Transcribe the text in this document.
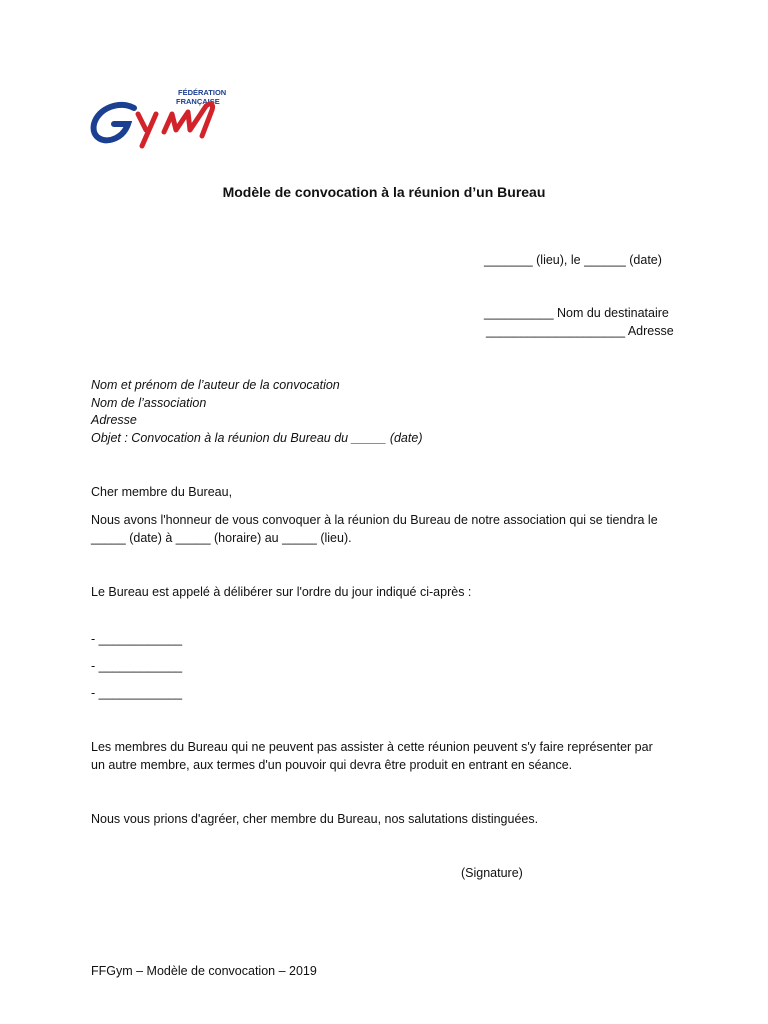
FÉDÉRATION
FRANÇAISE
Modèle de convocation à la réunion d’un Bureau
_______ (lieu), le ______ (date)
__________ Nom du destinataire
____________________ Adresse
Nom et prénom de l’auteur de la convocation
Nom de l’association
Adresse
Objet : Convocation à la réunion du Bureau du _____ (date)
Cher membre du Bureau,
Nous avons l'honneur de vous convoquer à la réunion du Bureau de notre association qui se tiendra le
_____ (date) à _____ (horaire) au _____ (lieu).
Le Bureau est appelé à délibérer sur l'ordre du jour indiqué ci-après :
- ____________
- ____________
- ____________
Les membres du Bureau qui ne peuvent pas assister à cette réunion peuvent s'y faire représenter par
un autre membre, aux termes d'un pouvoir qui devra être produit en entrant en séance.
Nous vous prions d'agréer, cher membre du Bureau, nos salutations distinguées.
(Signature)
FFGym – Modèle de convocation – 2019
